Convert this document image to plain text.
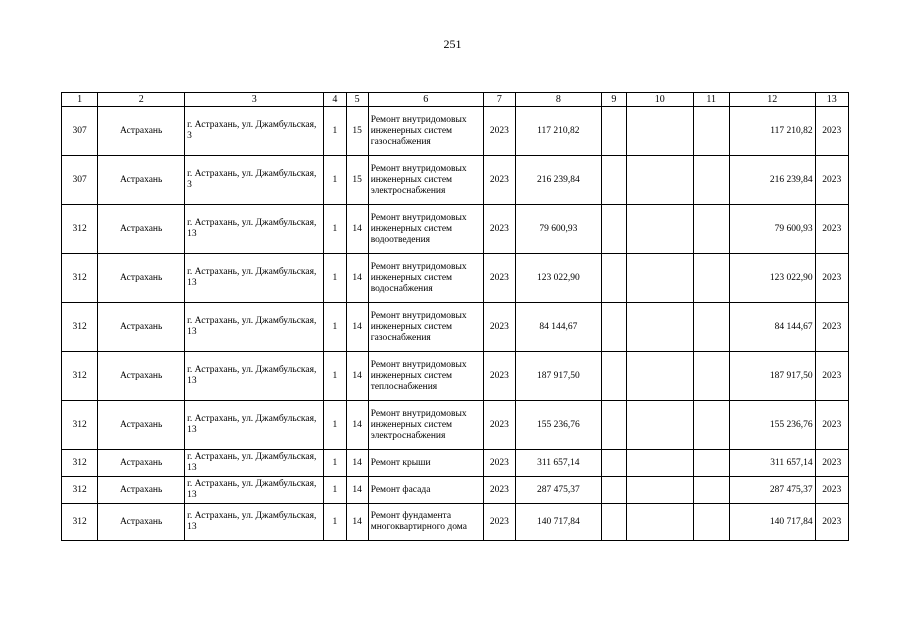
251
1	2	3	4	5	6	7	8	9	10	11	12	13
307	Астрахань	г. Астрахань, ул. Джамбульская, 3	1	15	Ремонт внутридомовых инженерных систем газоснабжения	2023	117 210,82				117 210,82	2023
307	Астрахань	г. Астрахань, ул. Джамбульская, 3	1	15	Ремонт внутридомовых инженерных систем электроснабжения	2023	216 239,84				216 239,84	2023
312	Астрахань	г. Астрахань, ул. Джамбульская, 13	1	14	Ремонт внутридомовых инженерных систем водоотведения	2023	79 600,93				79 600,93	2023
312	Астрахань	г. Астрахань, ул. Джамбульская, 13	1	14	Ремонт внутридомовых инженерных систем водоснабжения	2023	123 022,90				123 022,90	2023
312	Астрахань	г. Астрахань, ул. Джамбульская, 13	1	14	Ремонт внутридомовых инженерных систем газоснабжения	2023	84 144,67				84 144,67	2023
312	Астрахань	г. Астрахань, ул. Джамбульская, 13	1	14	Ремонт внутридомовых инженерных систем теплоснабжения	2023	187 917,50				187 917,50	2023
312	Астрахань	г. Астрахань, ул. Джамбульская, 13	1	14	Ремонт внутридомовых инженерных систем электроснабжения	2023	155 236,76				155 236,76	2023
312	Астрахань	г. Астрахань, ул. Джамбульская, 13	1	14	Ремонт крыши	2023	311 657,14				311 657,14	2023
312	Астрахань	г. Астрахань, ул. Джамбульская, 13	1	14	Ремонт фасада	2023	287 475,37				287 475,37	2023
312	Астрахань	г. Астрахань, ул. Джамбульская, 13	1	14	Ремонт фундамента многоквартирного дома	2023	140 717,84				140 717,84	2023
